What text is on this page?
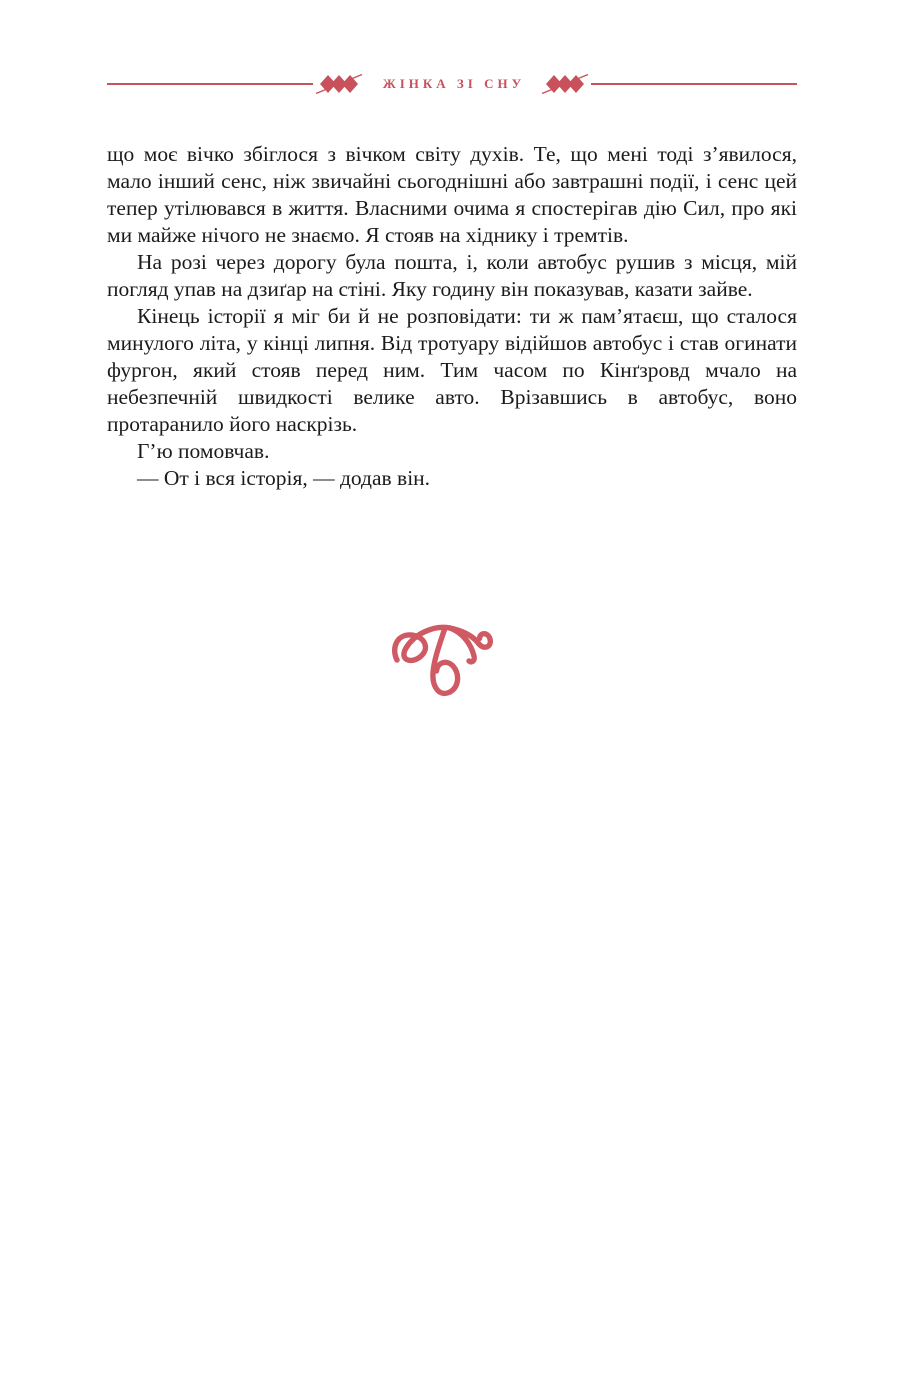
ЖІНКА ЗІ СНУ

що моє вічко збіглося з вічком світу духів. Те, що мені тоді з’явилося, мало інший сенс, ніж звичайні сьогоднішні або завтрашні події, і сенс цей тепер утілювався в життя. Власними очима я спостерігав дію Сил, про які ми майже нічого не знаємо. Я стояв на хіднику і тремтів.

На розі через дорогу була пошта, і, коли автобус рушив з місця, мій погляд упав на дзиґар на стіні. Яку годину він показував, казати зайве.

Кінець історії я міг би й не розповідати: ти ж пам’ятаєш, що сталося минулого літа, у кінці липня. Від тротуару відійшов автобус і став огинати фургон, який стояв перед ним. Тим часом по Кінґзровд мчало на небезпечній швидкості велике авто. Врізавшись в автобус, воно протаранило його наскрізь.

Г’ю помовчав.

— От і вся історія, — додав він.
